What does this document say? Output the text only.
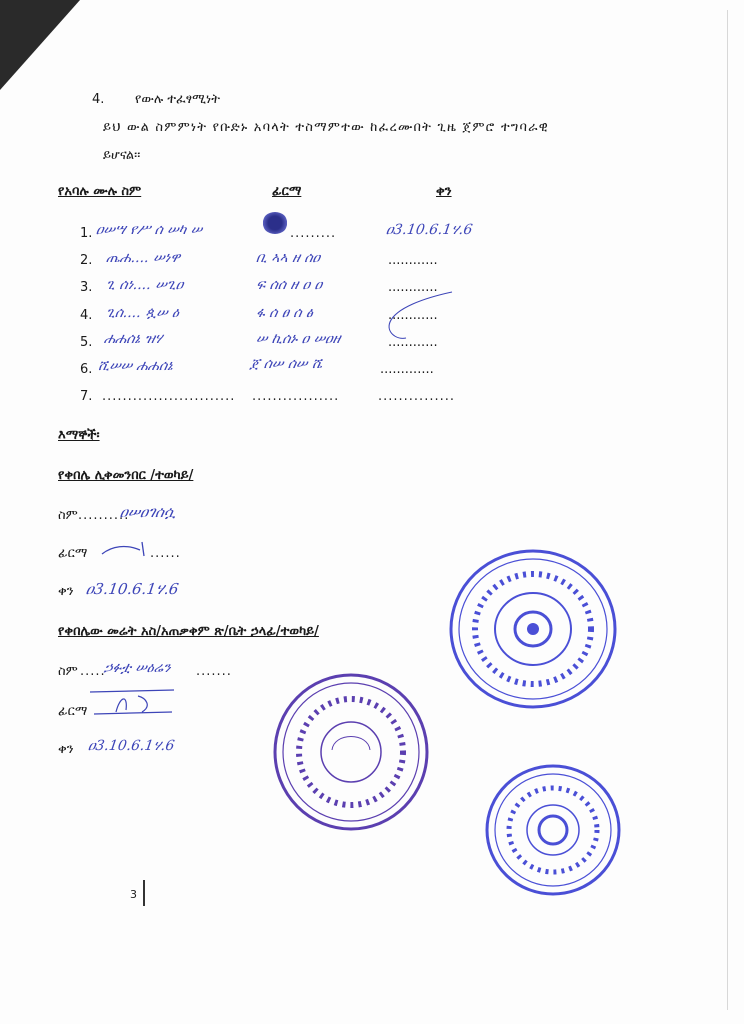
4. የውሉ ተፈፃሚነት
ይህ ውል ስምምነት የቡድኑ አባላት ተስማምተው ከፈረሙበት ጊዜ ጀምሮ ተግባራዊ
ይሆናል፡፡
የአባሉ ሙሉ ስም	ፊርማ	ቀን
1. ዐሠሣ የሥ ሰ ሠካ ሠ	.........	ዐ3.10.6.1ሃ.6
2. ጤሐ.... ሠነዋ	ቢ ኣኣ ዘ ሰዐ	............
3. ጊ ሰነ.... ሠጊዐ	ፍ ሰሰ ዘ ዐ ዐ	............
4. ጊሰ.... ጷሠ ዕ	ፋ ሰ ፀ ሰ ፅ	............
5. ሐሐሰኔ ዝሃ	ሠ ኪሰኑ ዐ ሠዐዘ	............
6. ሺሠሠ ሐሐሰኔ	ጀ ሰሠ ሰሠ ሼ	.............
7. .......................... .................	...............
እማኞች፡
የቀበሌ ሊቀመንበር /ተወካይ/
ስም ..........
ዐሠዐገሰሷ
ፊርማ	......
ቀን ዐ3.10.6.1ሃ.6
የቀበሌው መሬት አስ/አጠቃቀም ጽ/ቤት ኃላፊ/ተወካይ/
ስም .....
ኃፉቷ ሠዕሬን .......
ፊርማ
ቀን ዐ3.10.6.1ሃ.6
3
